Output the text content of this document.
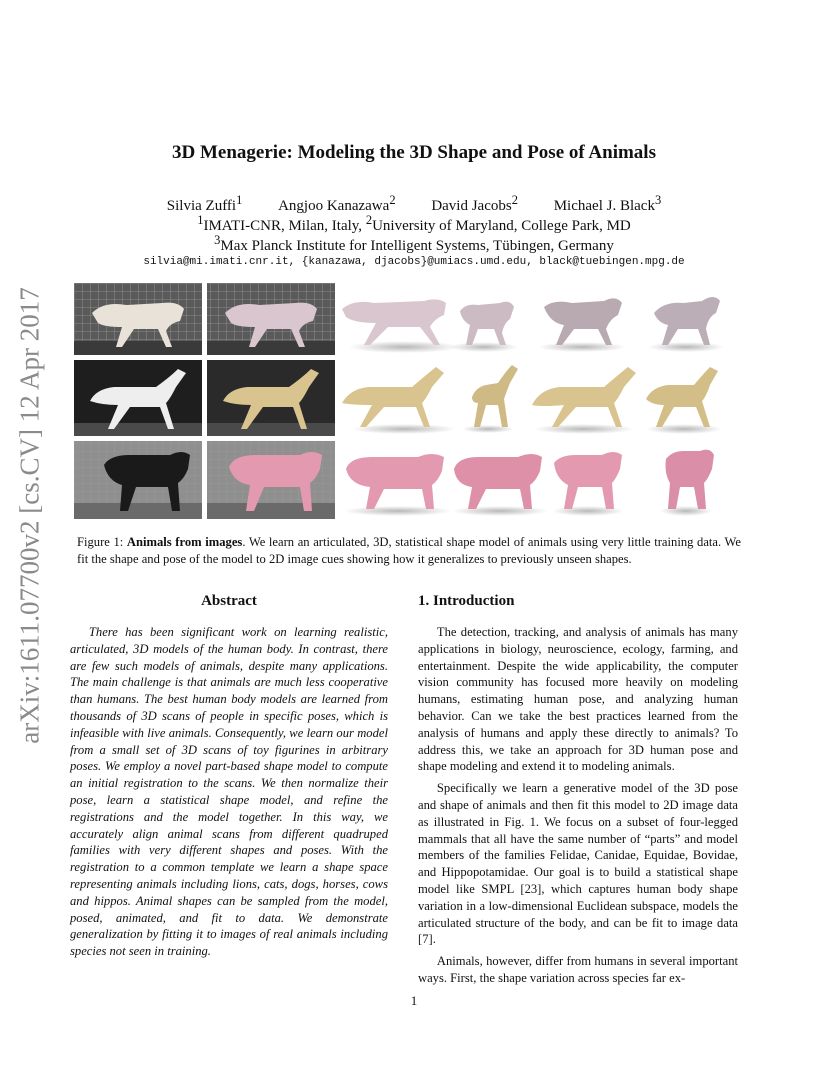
arXiv:1611.07700v2 [cs.CV] 12 Apr 2017
3D Menagerie: Modeling the 3D Shape and Pose of Animals
Silvia Zuffi$^1$ Angjoo Kanazawa$^2$ David Jacobs$^2$ Michael J. Black$^3$
$^1$IMATI-CNR, Milan, Italy, $^2$University of Maryland, College Park, MD
$^3$Max Planck Institute for Intelligent Systems, Tübingen, Germany
silvia@mi.imati.cnr.it, {kanazawa, djacobs}@umiacs.umd.edu, black@tuebingen.mpg.de
Figure 1: Animals from images. We learn an articulated, 3D, statistical shape model of animals using very little training data. We fit the shape and pose of the model to 2D image cues showing how it generalizes to previously unseen shapes.
Abstract

There has been significant work on learning realistic, articulated, 3D models of the human body. In contrast, there are few such models of animals, despite many applications. The main challenge is that animals are much less cooperative than humans. The best human body models are learned from thousands of 3D scans of people in specific poses, which is infeasible with live animals. Consequently, we learn our model from a small set of 3D scans of toy figurines in arbitrary poses. We employ a novel part-based shape model to compute an initial registration to the scans. We then normalize their pose, learn a statistical shape model, and refine the registrations and the model together. In this way, we accurately align animal scans from different quadruped families with very different shapes and poses. With the registration to a common template we learn a shape space representing animals including lions, cats, dogs, horses, cows and hippos. Animal shapes can be sampled from the model, posed, animated, and fit to data. We demonstrate generalization by fitting it to images of real animals including species not seen in training.

1. Introduction

The detection, tracking, and analysis of animals has many applications in biology, neuroscience, ecology, farming, and entertainment. Despite the wide applicability, the computer vision community has focused more heavily on modeling humans, estimating human pose, and analyzing human behavior. Can we take the best practices learned from the analysis of humans and apply these directly to animals? To address this, we take an approach for 3D human pose and shape modeling and extend it to modeling animals.

Specifically we learn a generative model of the 3D pose and shape of animals and then fit this model to 2D image data as illustrated in Fig. 1. We focus on a subset of four-legged mammals that all have the same number of “parts” and model members of the families Felidae, Canidae, Equidae, Bovidae, and Hippopotamidae. Our goal is to build a statistical shape model like SMPL [23], which captures human body shape variation in a low-dimensional Euclidean subspace, models the articulated structure of the body, and can be fit to image data [7].

Animals, however, differ from humans in several important ways. First, the shape variation across species far ex-

1
